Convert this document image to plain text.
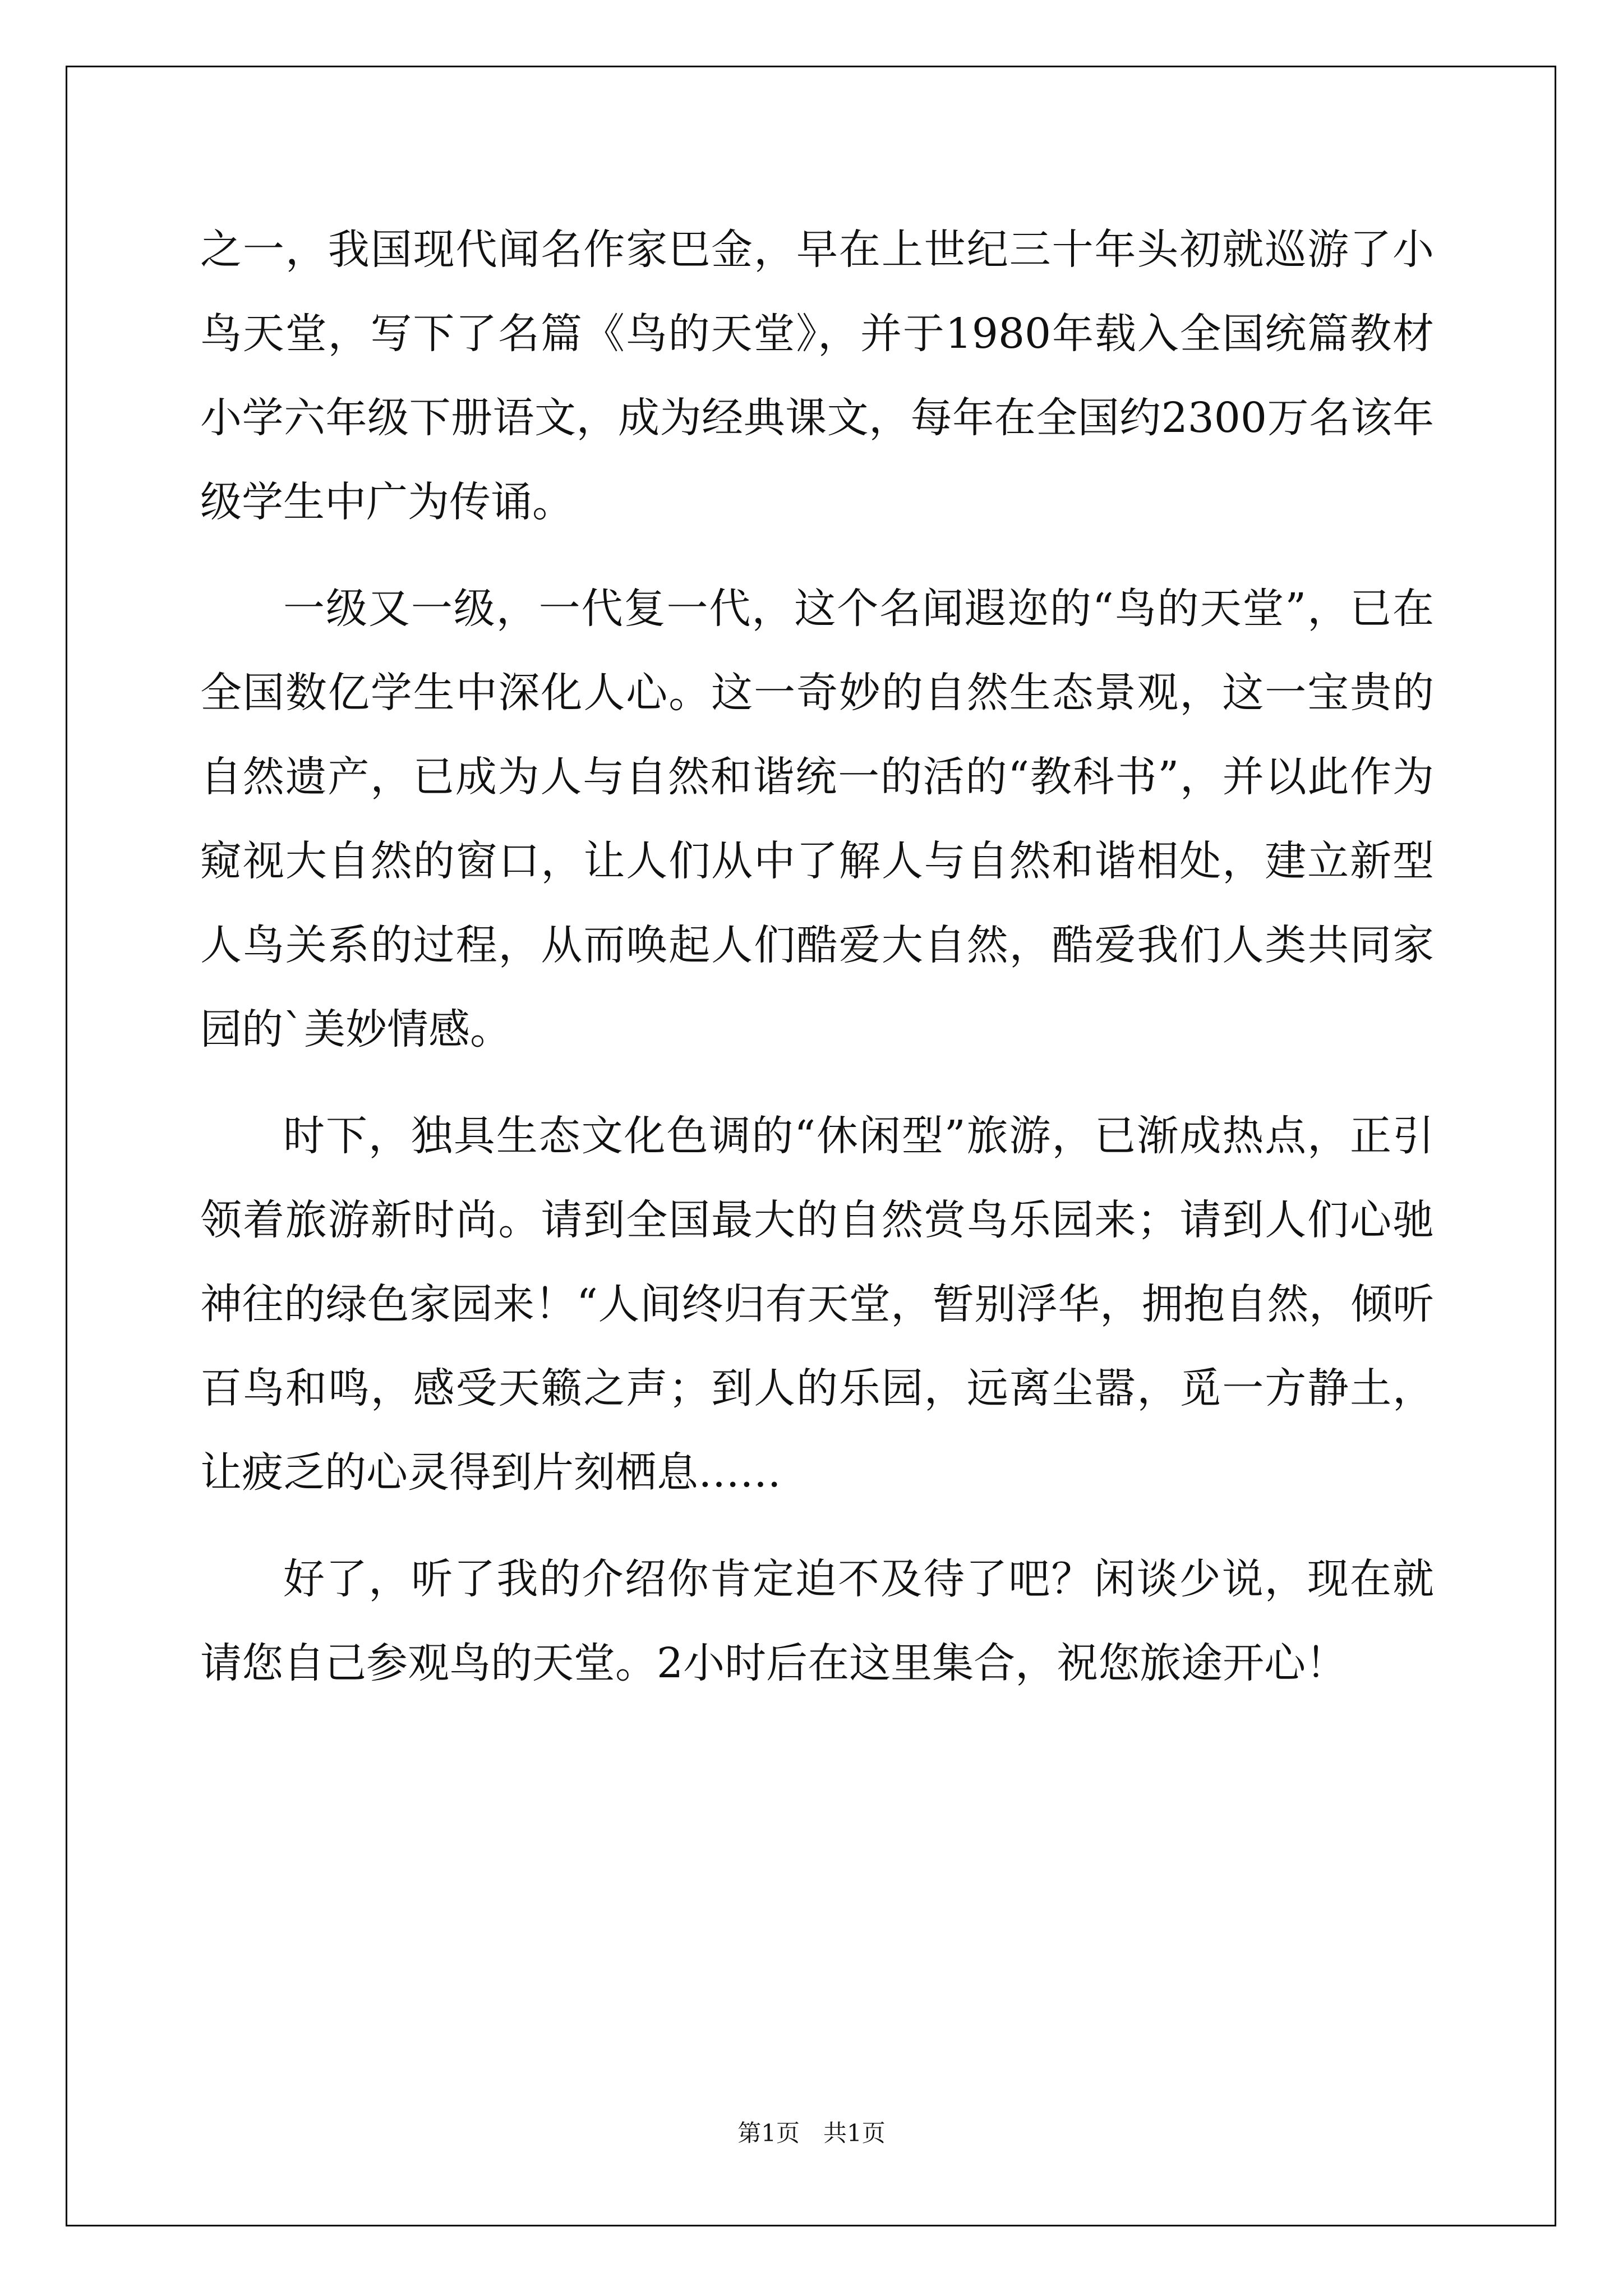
之一，我国现代闻名作家巴金，早在上世纪三十年头初就巡游了小鸟天堂，写下了名篇《鸟的天堂》，并于1980年载入全国统篇教材小学六年级下册语文，成为经典课文，每年在全国约2300万名该年级学生中广为传诵。

一级又一级，一代复一代，这个名闻遐迩的“鸟的天堂”，已在全国数亿学生中深化人心。这一奇妙的自然生态景观，这一宝贵的自然遗产，已成为人与自然和谐统一的活的“教科书”，并以此作为窥视大自然的窗口，让人们从中了解人与自然和谐相处，建立新型人鸟关系的过程，从而唤起人们酷爱大自然，酷爱我们人类共同家园的`美妙情感。

时下，独具生态文化色调的“休闲型”旅游，已渐成热点，正引领着旅游新时尚。请到全国最大的自然赏鸟乐园来；请到人们心驰神往的绿色家园来！“人间终归有天堂，暂别浮华，拥抱自然，倾听百鸟和鸣，感受天籁之声；到人的乐园，远离尘嚣，觅一方静土，让疲乏的心灵得到片刻栖息……

好了，听了我的介绍你肯定迫不及待了吧？闲谈少说，现在就请您自己参观鸟的天堂。2小时后在这里集合，祝您旅途开心！

第1页　共1页
